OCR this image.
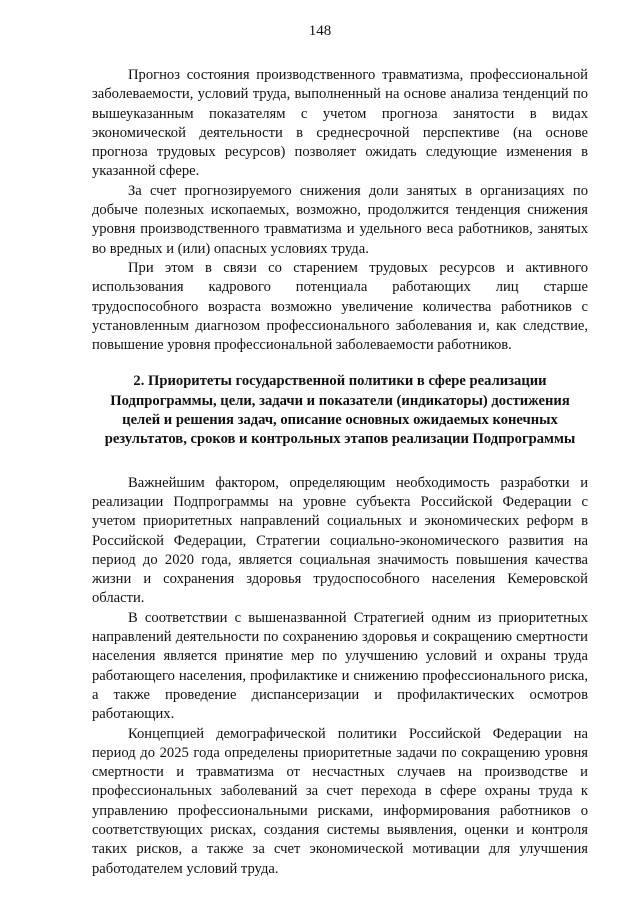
148

Прогноз состояния производственного травматизма, профессиональной заболеваемости, условий труда, выполненный на основе анализа тенденций по вышеуказанным показателям с учетом прогноза занятости в видах экономической деятельности в среднесрочной перспективе (на основе прогноза трудовых ресурсов) позволяет ожидать следующие изменения в указанной сфере.

За счет прогнозируемого снижения доли занятых в организациях по добыче полезных ископаемых, возможно, продолжится тенденция снижения уровня производственного травматизма и удельного веса работников, занятых во вредных и (или) опасных условиях труда.

При этом в связи со старением трудовых ресурсов и активного использования кадрового потенциала работающих лиц старше трудоспособного возраста возможно увеличение количества работников с установленным диагнозом профессионального заболевания и, как следствие, повышение уровня профессиональной заболеваемости работников.

2. Приоритеты государственной политики в сфере реализации Подпрограммы, цели, задачи и показатели (индикаторы) достижения целей и решения задач, описание основных ожидаемых конечных результатов, сроков и контрольных этапов реализации Подпрограммы

Важнейшим фактором, определяющим необходимость разработки и реализации Подпрограммы на уровне субъекта Российской Федерации с учетом приоритетных направлений социальных и экономических реформ в Российской Федерации, Стратегии социально-экономического развития на период до 2020 года, является социальная значимость повышения качества жизни и сохранения здоровья трудоспособного населения Кемеровской области.

В соответствии с вышеназванной Стратегией одним из приоритетных направлений деятельности по сохранению здоровья и сокращению смертности населения является принятие мер по улучшению условий и охраны труда работающего населения, профилактике и снижению профессионального риска, а также проведение диспансеризации и профилактических осмотров работающих.

Концепцией демографической политики Российской Федерации на период до 2025 года определены приоритетные задачи по сокращению уровня смертности и травматизма от несчастных случаев на производстве и профессиональных заболеваний за счет перехода в сфере охраны труда к управлению профессиональными рисками, информирования работников о соответствующих рисках, создания системы выявления, оценки и контроля таких рисков, а также за счет экономической мотивации для улучшения работодателем условий труда.
